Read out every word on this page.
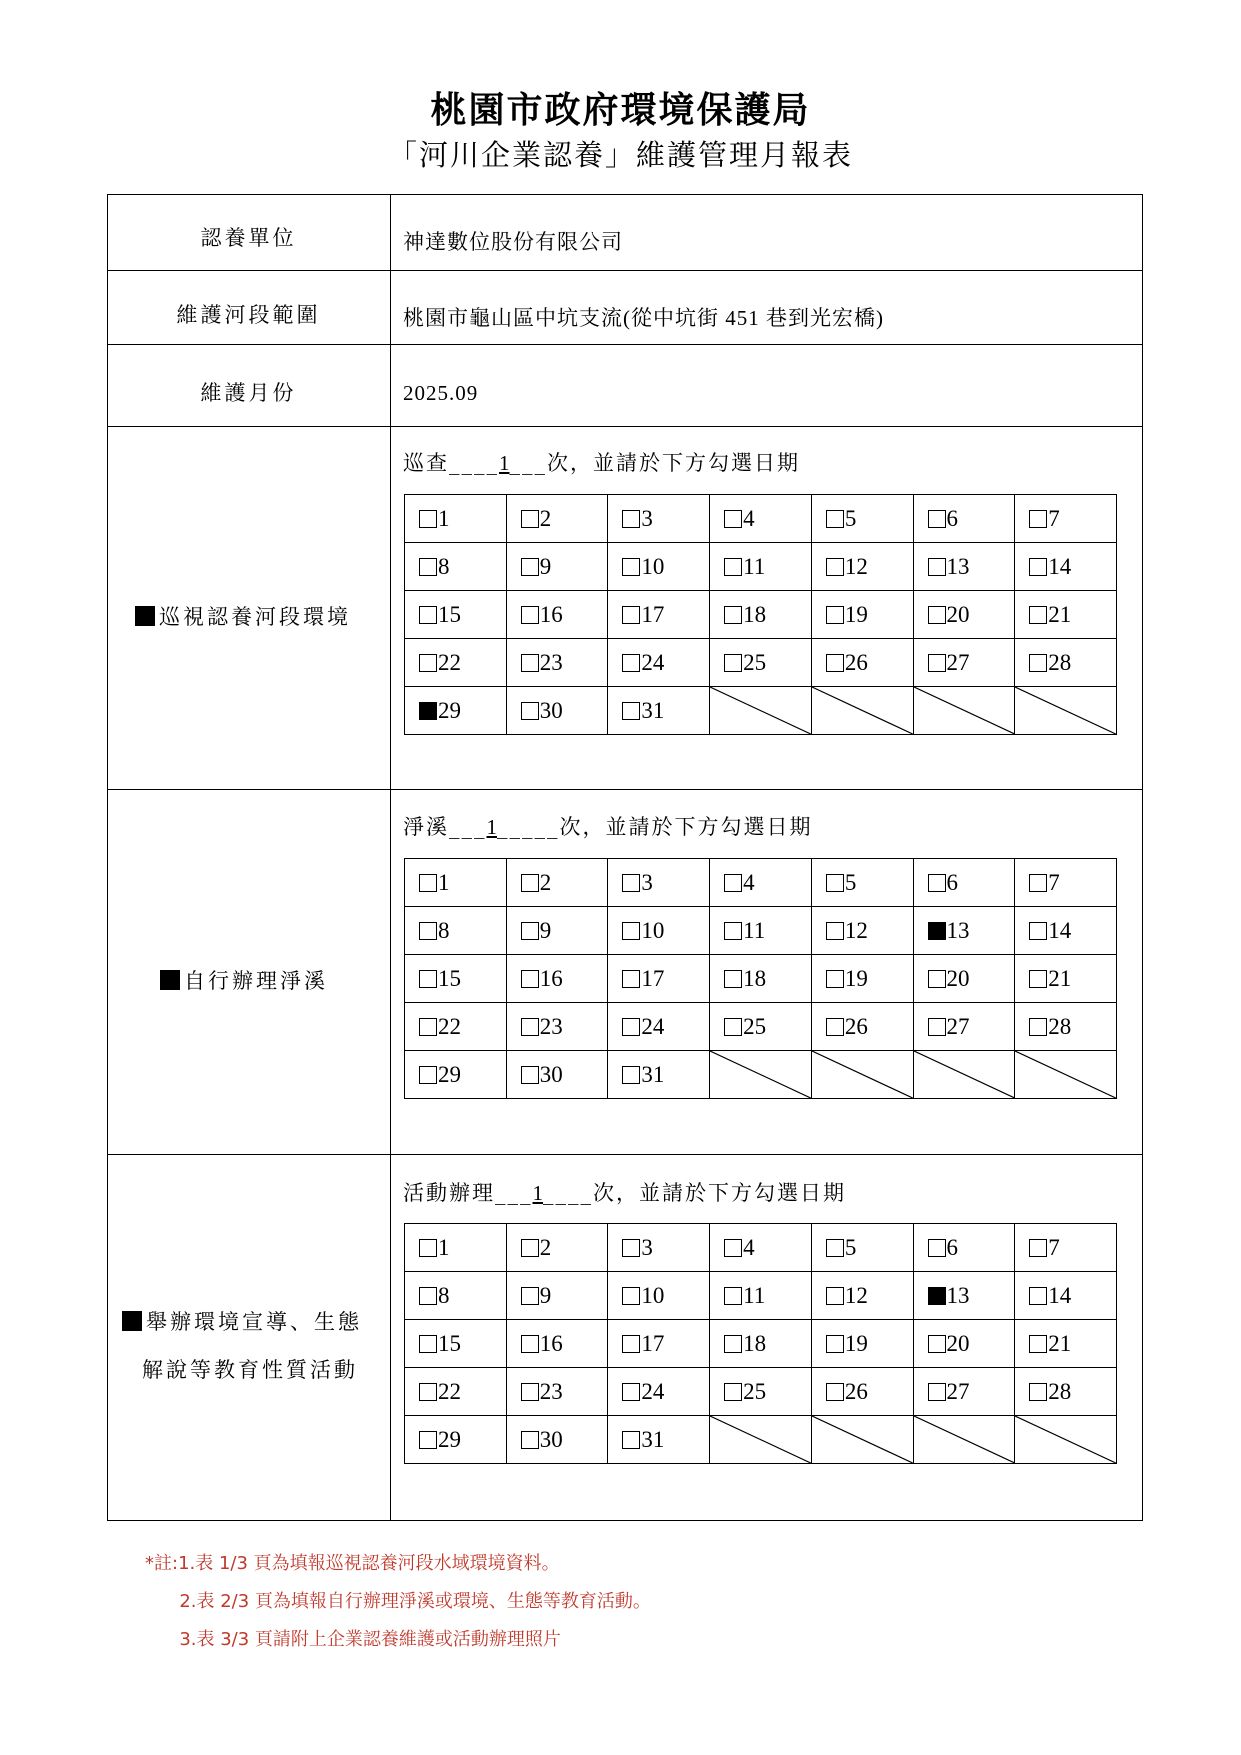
桃園市政府環境保護局
「河川企業認養」維護管理月報表
認養單位	神達數位股份有限公司
維護河段範圍	桃園市龜山區中坑支流(從中坑街 451 巷到光宏橋)
維護月份	2025.09
巡視認養河段環境
巡查____1___次，並請於下方勾選日期
1	2	3	4	5	6	7

8	9	10	11	12	13	14

15	16	17	18	19	20	21

22	23	24	25	26	27	28

29	30	31

自行辦理淨溪
淨溪___1_____次，並請於下方勾選日期
1	2	3	4	5	6	7

8	9	10	11	12	13	14

15	16	17	18	19	20	21

22	23	24	25	26	27	28

29	30	31

舉辦環境宣導、生態
解說等教育性質活動
活動辦理___1____次，並請於下方勾選日期
1	2	3	4	5	6	7

8	9	10	11	12	13	14

15	16	17	18	19	20	21

22	23	24	25	26	27	28

29	30	31

*註:1.表 1/3 頁為填報巡視認養河段水域環境資料。
2.表 2/3 頁為填報自行辦理淨溪或環境、生態等教育活動。
3.表 3/3 頁請附上企業認養維護或活動辦理照片
